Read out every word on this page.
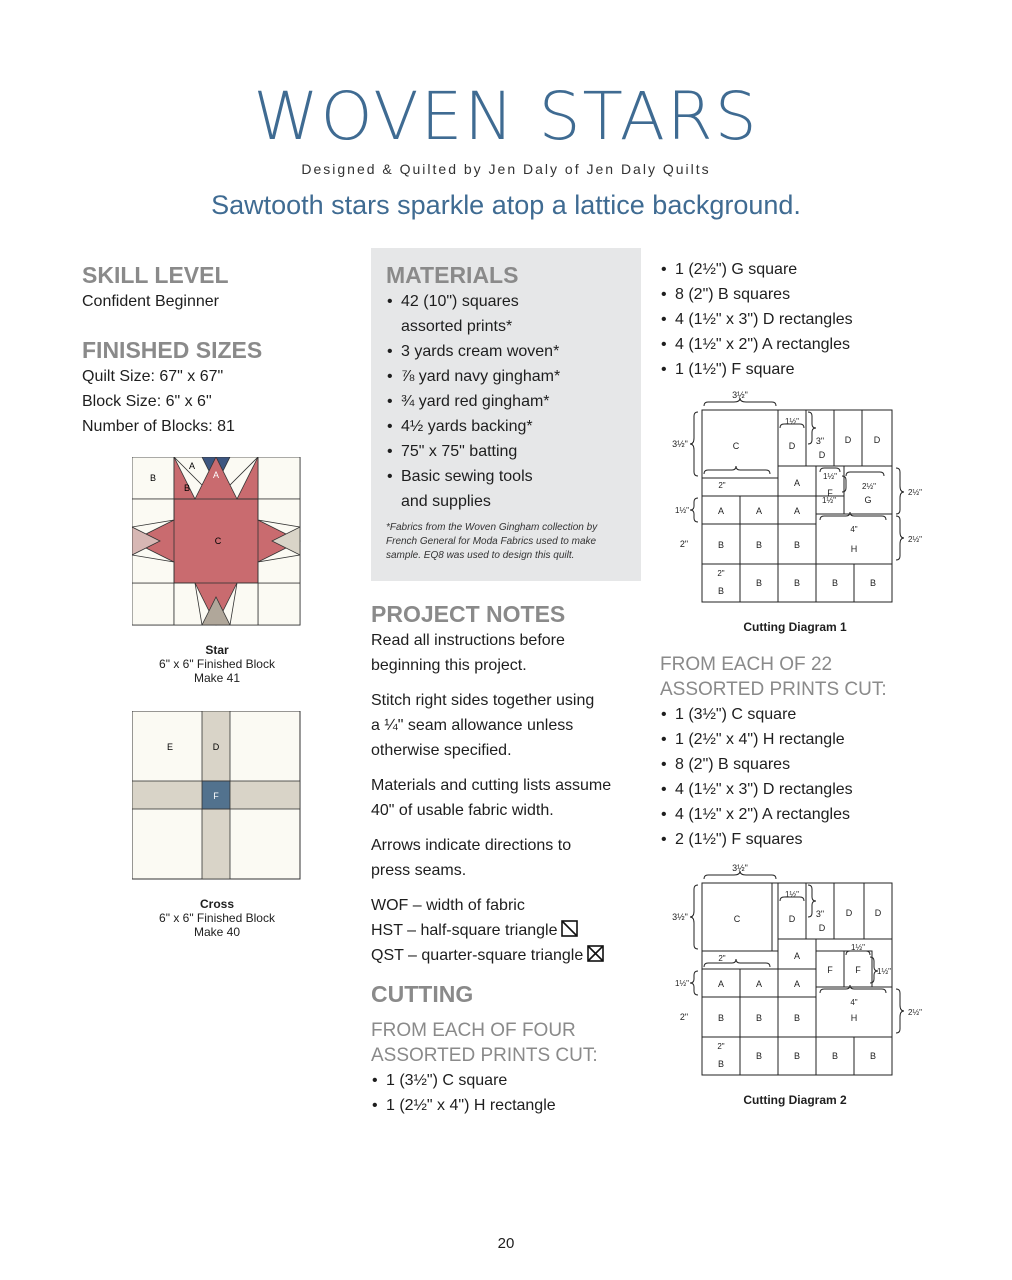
WOVEN STARS
Designed & Quilted by Jen Daly of Jen Daly Quilts
Sawtooth stars sparkle atop a lattice background.

SKILL LEVEL

Confident Beginner

FINISHED SIZES

Quilt Size: 67" x 67"

Block Size: 6" x 6"

Number of Blocks: 81

A
A
B
B
C
Star
6" x 6" Finished Block
Make 41
E	D
F
Cross
6" x 6" Finished Block
Make 40

MATERIALS

• 42 (10") squares
assorted prints*
• 3 yards cream woven*
• ⅞ yard navy gingham*
• ¾ yard red gingham*
• 4½ yards backing*
• 75" x 75" batting
• Basic sewing tools
and supplies
*Fabrics from the Woven Gingham collection by French General for Moda Fabrics used to make sample. EQ8 was used to design this quilt.

PROJECT NOTES

Read all instructions before
beginning this project.

Stitch right sides together using
a ¼" seam allowance unless
otherwise specified.

Materials and cutting lists assume
40" of usable fabric width.

Arrows indicate directions to
press seams.

WOF – width of fabric

HST – half-square triangle

QST – quarter-square triangle

CUTTING

FROM EACH OF FOUR
ASSORTED PRINTS CUT:

• 1 (3½") C square
• 1 (2½" x 4") H rectangle
• 1 (2½") G square
• 8 (2") B squares
• 4 (1½" x 3") D rectangles
• 4 (1½" x 2") A rectangles
• 1 (1½") F square
3½"
1½"
3½"	3"
2"
1½"
2½"
2½"
1½"
1½"
4"
2½"
2"
2"
C	D
D
D	D
A
F
G
A	A	A
H
B	B	B
B
B	B	B	B
Cutting Diagram 1

FROM EACH OF 22
ASSORTED PRINTS CUT:

• 1 (3½") C square
• 1 (2½" x 4") H rectangle
• 8 (2") B squares
• 4 (1½" x 3") D rectangles
• 4 (1½" x 2") A rectangles
• 2 (1½") F squares
3½"
1½"
3½"	3"
2"
1½"
1½"
1½"
4"
2½"
2"
2"
C	D
D
D	D
A
F	F
A	A	A
H
B	B	B
B
B	B	B	B
Cutting Diagram 2
20
